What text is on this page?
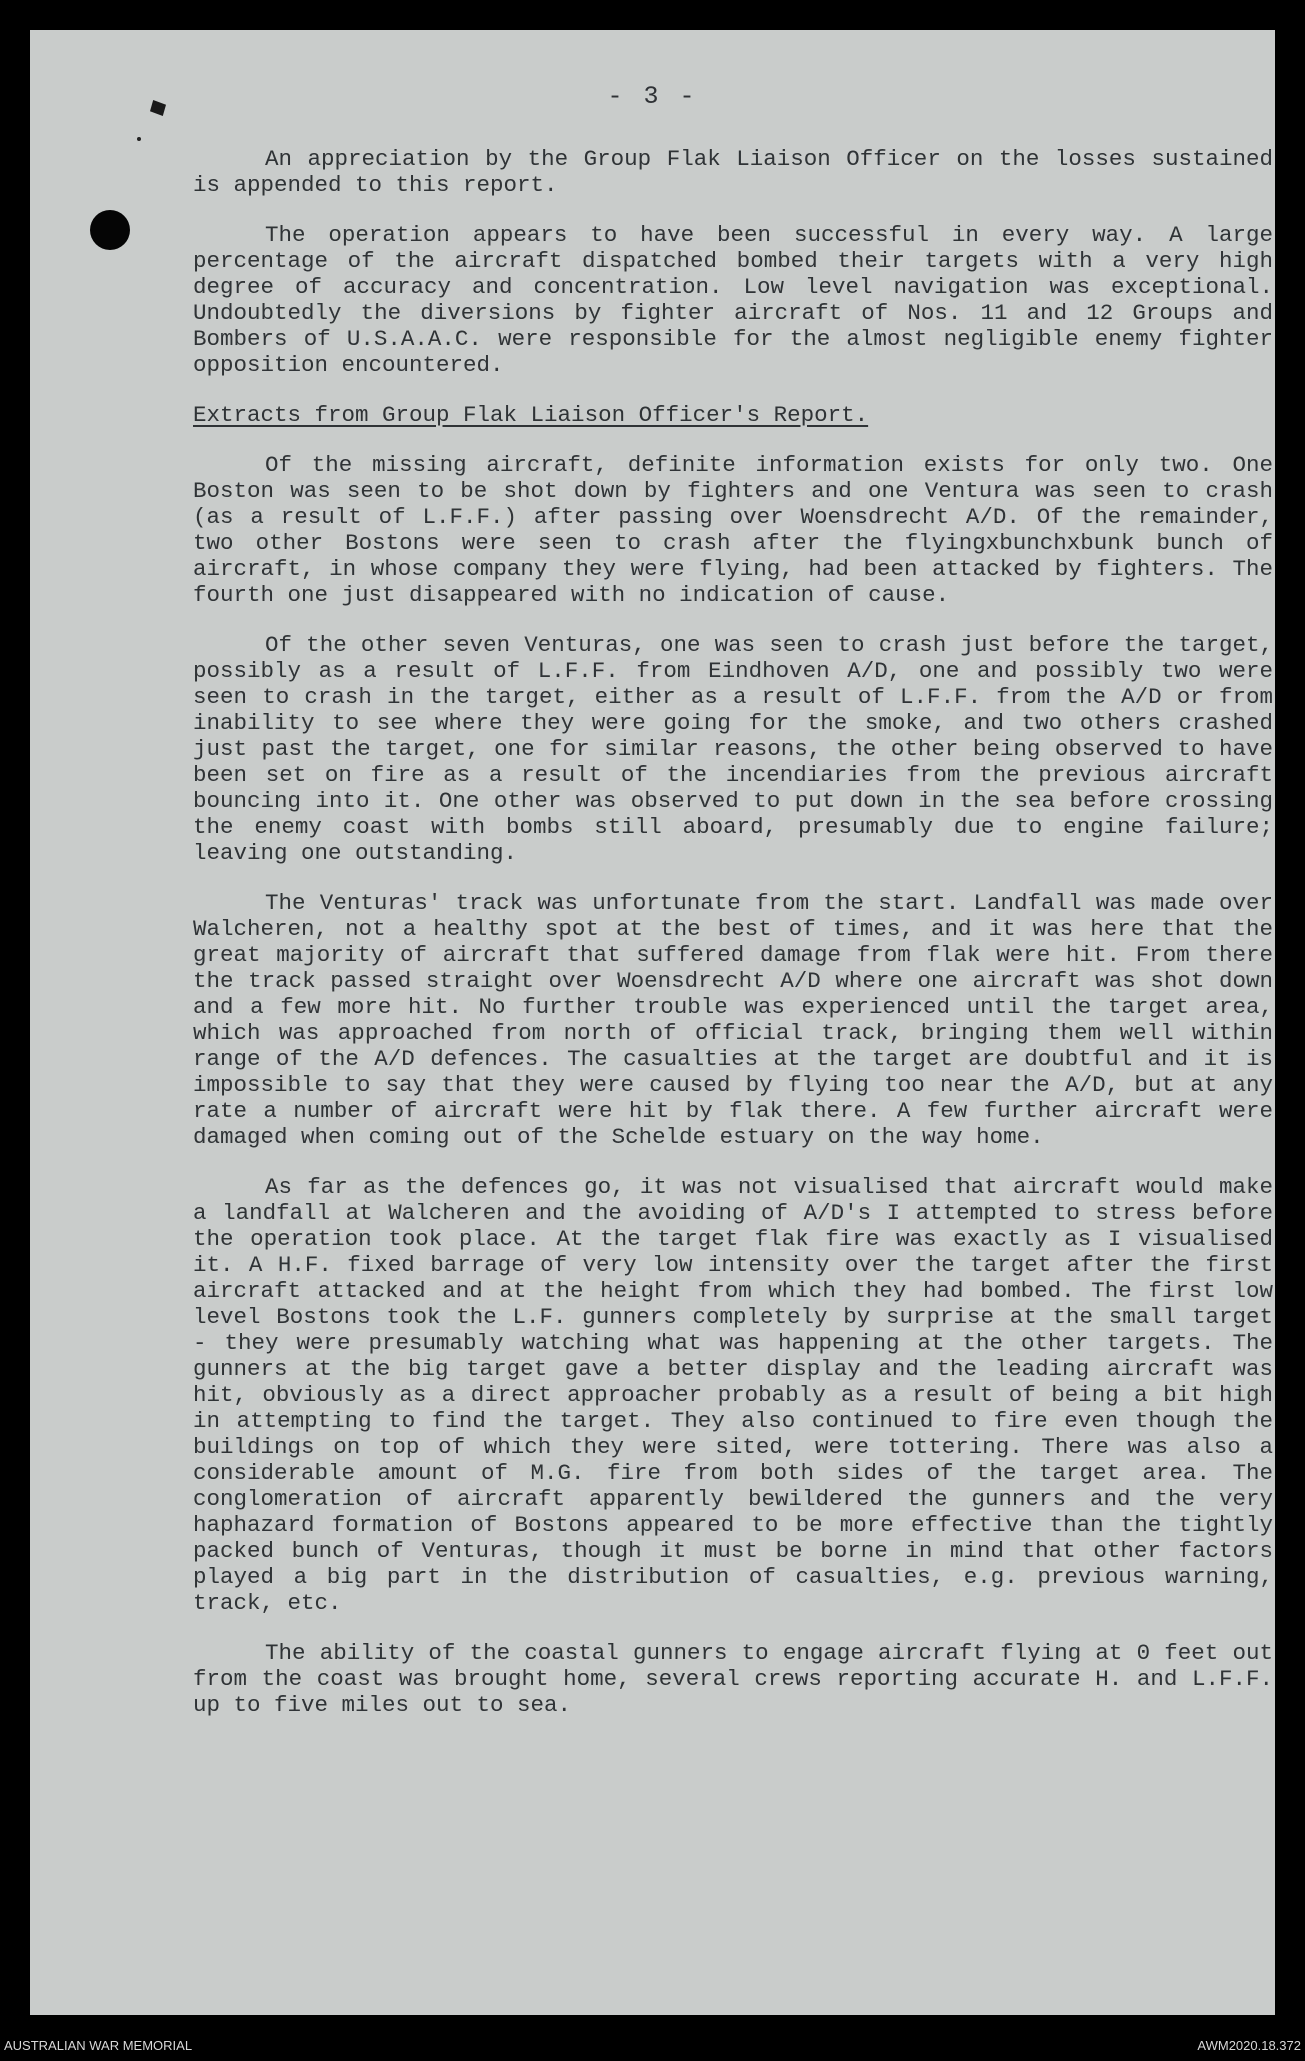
- 3 -

An appreciation by the Group Flak Liaison Officer on the losses sustained is appended to this report.

The operation appears to have been successful in every way. A large percentage of the aircraft dispatched bombed their targets with a very high degree of accuracy and concentration. Low level navigation was exceptional. Undoubtedly the diversions by fighter aircraft of Nos. 11 and 12 Groups and Bombers of U.S.A.A.C. were responsible for the almost negligible enemy fighter opposition encountered.

Extracts from Group Flak Liaison Officer's Report.

Of the missing aircraft, definite information exists for only two. One Boston was seen to be shot down by fighters and one Ventura was seen to crash (as a result of L.F.F.) after passing over Woensdrecht A/D. Of the remainder, two other Bostons were seen to crash after the flyingxbunchxbunk bunch of aircraft, in whose company they were flying, had been attacked by fighters. The fourth one just disappeared with no indication of cause.

Of the other seven Venturas, one was seen to crash just before the target, possibly as a result of L.F.F. from Eindhoven A/D, one and possibly two were seen to crash in the target, either as a result of L.F.F. from the A/D or from inability to see where they were going for the smoke, and two others crashed just past the target, one for similar reasons, the other being observed to have been set on fire as a result of the incendiaries from the previous aircraft bouncing into it. One other was observed to put down in the sea before crossing the enemy coast with bombs still aboard, presumably due to engine failure; leaving one outstanding.

The Venturas' track was unfortunate from the start. Landfall was made over Walcheren, not a healthy spot at the best of times, and it was here that the great majority of aircraft that suffered damage from flak were hit. From there the track passed straight over Woensdrecht A/D where one aircraft was shot down and a few more hit. No further trouble was experienced until the target area, which was approached from north of official track, bringing them well within range of the A/D defences. The casualties at the target are doubtful and it is impossible to say that they were caused by flying too near the A/D, but at any rate a number of aircraft were hit by flak there. A few further aircraft were damaged when coming out of the Schelde estuary on the way home.

As far as the defences go, it was not visualised that aircraft would make a landfall at Walcheren and the avoiding of A/D's I attempted to stress before the operation took place. At the target flak fire was exactly as I visualised it. A H.F. fixed barrage of very low intensity over the target after the first aircraft attacked and at the height from which they had bombed. The first low level Bostons took the L.F. gunners completely by surprise at the small target - they were presumably watching what was happening at the other targets. The gunners at the big target gave a better display and the leading aircraft was hit, obviously as a direct approacher probably as a result of being a bit high in attempting to find the target. They also continued to fire even though the buildings on top of which they were sited, were tottering. There was also a considerable amount of M.G. fire from both sides of the target area. The conglomeration of aircraft apparently bewildered the gunners and the very haphazard formation of Bostons appeared to be more effective than the tightly packed bunch of Venturas, though it must be borne in mind that other factors played a big part in the distribution of casualties, e.g. previous warning, track, etc.

The ability of the coastal gunners to engage aircraft flying at 0 feet out from the coast was brought home, several crews reporting accurate H. and L.F.F. up to five miles out to sea.

AUSTRALIAN WAR MEMORIAL	AWM2020.18.372
